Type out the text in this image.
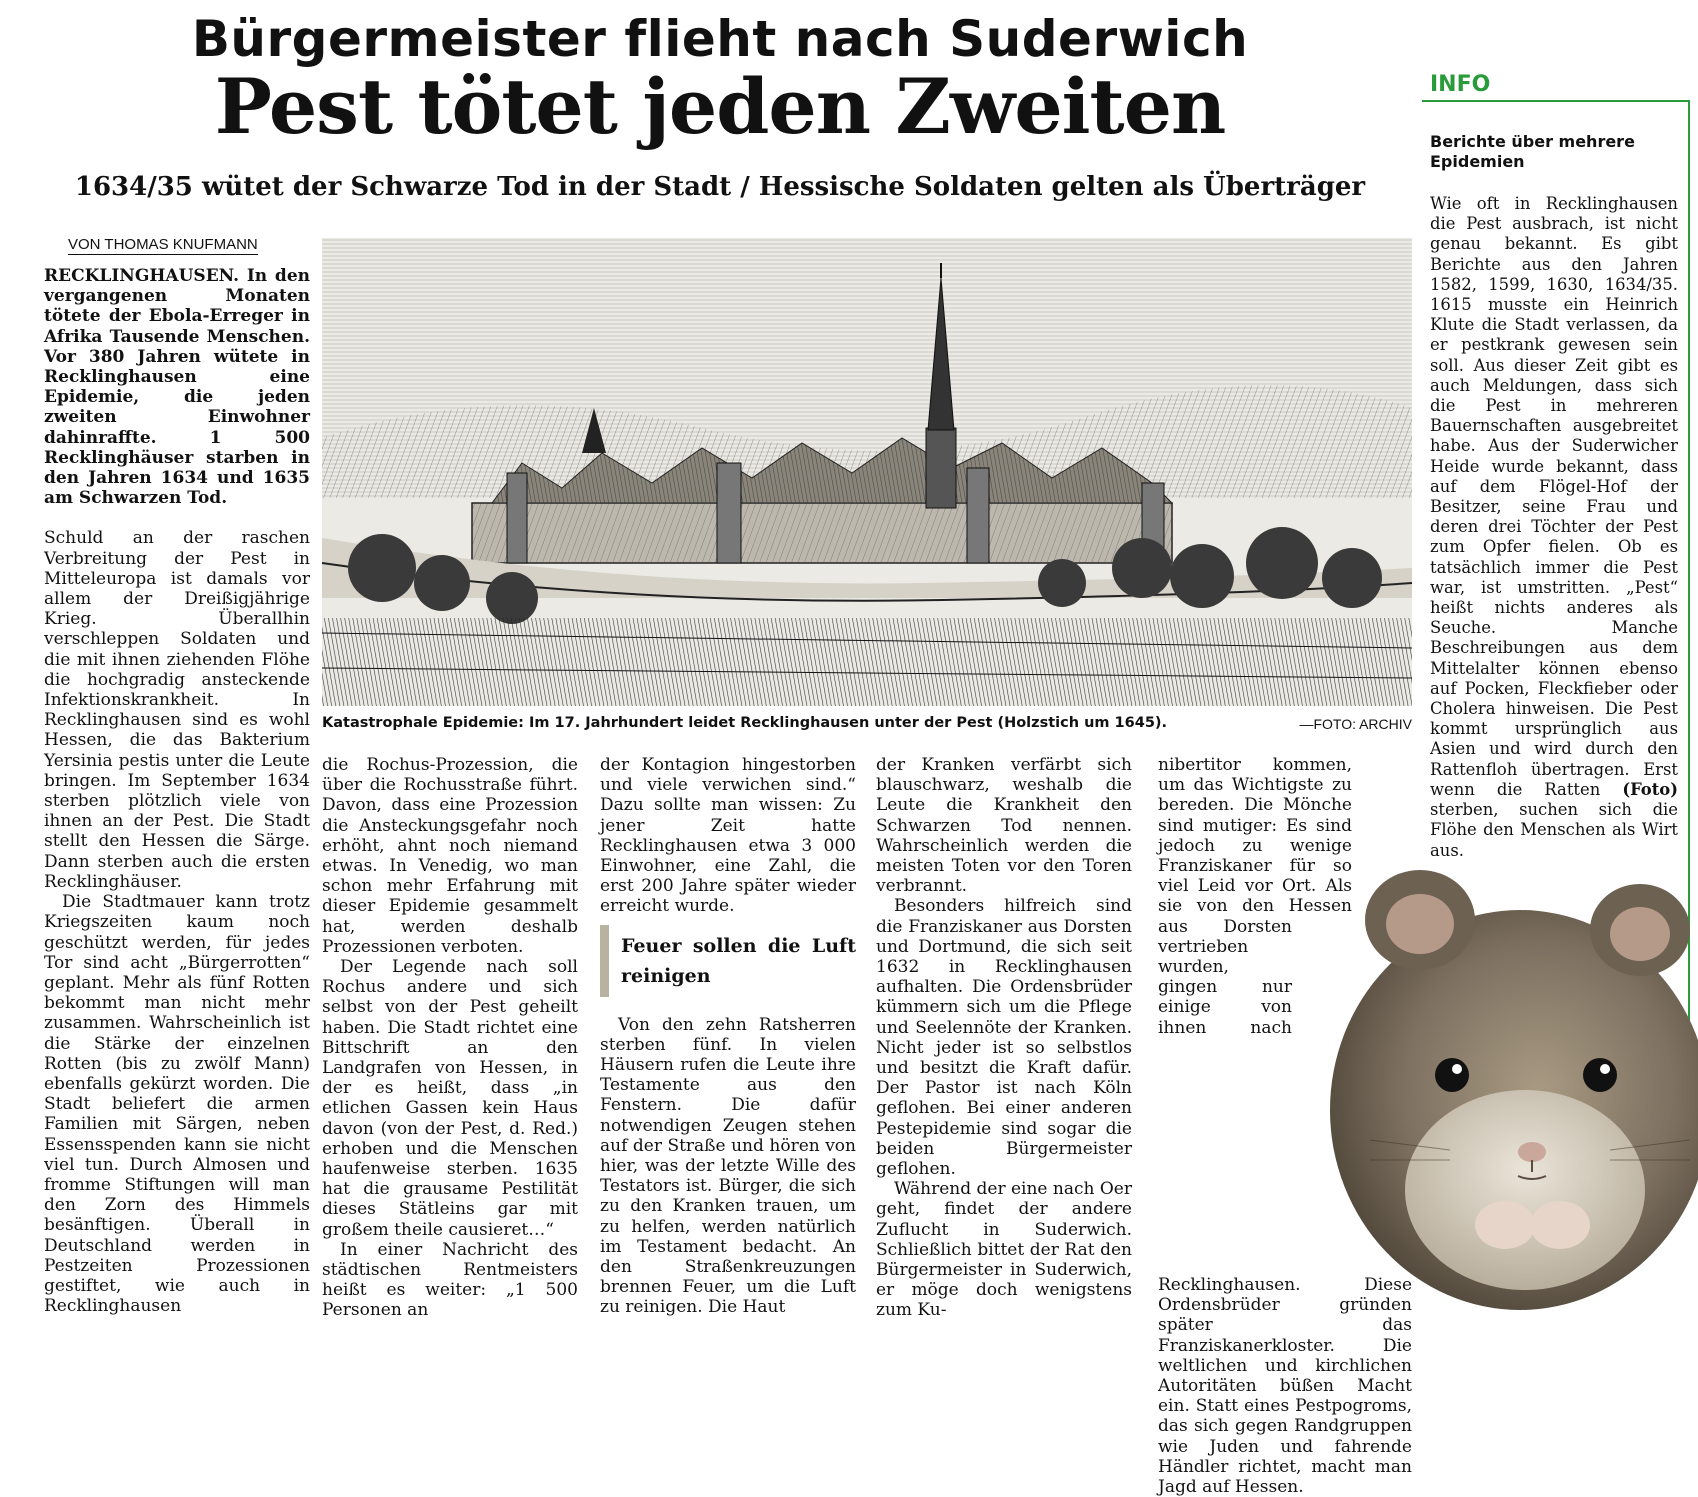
Bürgermeister flieht nach Suderwich
Pest tötet jeden Zweiten
1634/35 wütet der Schwarze Tod in der Stadt / Hessische Soldaten gelten als Überträger
VON THOMAS KNUFMANN

RECKLINGHAUSEN. In den vergangenen Monaten tötete der Ebola-Erreger in Afrika Tausende Menschen. Vor 380 Jahren wütete in Recklinghausen eine Epidemie, die jeden zweiten Einwohner dahinraffte. 1 500 Recklinghäuser starben in den Jahren 1634 und 1635 am Schwarzen Tod.

Schuld an der raschen Verbreitung der Pest in Mitteleuropa ist damals vor allem der Dreißigjährige Krieg. Überallhin verschleppen Soldaten und die mit ihnen ziehenden Flöhe die hochgradig ansteckende Infektionskrankheit. In Recklinghausen sind es wohl Hessen, die das Bakterium Yersinia pestis unter die Leute bringen. Im September 1634 sterben plötzlich viele von ihnen an der Pest. Die Stadt stellt den Hessen die Särge. Dann sterben auch die ersten Recklinghäuser.

Die Stadtmauer kann trotz Kriegszeiten kaum noch geschützt werden, für jedes Tor sind acht „Bürgerrotten“ geplant. Mehr als fünf Rotten bekommt man nicht mehr zusammen. Wahrscheinlich ist die Stärke der einzelnen Rotten (bis zu zwölf Mann) ebenfalls gekürzt worden. Die Stadt beliefert die armen Familien mit Särgen, neben Essensspenden kann sie nicht viel tun. Durch Almosen und fromme Stiftungen will man den Zorn des Himmels besänftigen. Überall in Deutschland werden in Pestzeiten Prozessionen gestiftet, wie auch in Recklinghausen

Katastrophale Epidemie: Im 17. Jahrhundert leidet Recklinghausen unter der Pest (Holzstich um 1645).	—FOTO: ARCHIV

die Rochus-Prozession, die über die Rochusstraße führt. Davon, dass eine Prozession die Ansteckungsgefahr noch erhöht, ahnt noch niemand etwas. In Venedig, wo man schon mehr Erfahrung mit dieser Epidemie gesammelt hat, werden deshalb Prozessionen verboten.

Der Legende nach soll Rochus andere und sich selbst von der Pest geheilt haben. Die Stadt richtet eine Bittschrift an den Landgrafen von Hessen, in der es heißt, dass „in etlichen Gassen kein Haus davon (von der Pest, d. Red.) erhoben und die Menschen haufenweise sterben. 1635 hat die grausame Pestilität dieses Stätleins gar mit großem theile causieret…“

In einer Nachricht des städtischen Rentmeisters heißt es weiter: „1 500 Personen an

der Kontagion hingestorben und viele verwichen sind.“ Dazu sollte man wissen: Zu jener Zeit hatte Recklinghausen etwa 3 000 Einwohner, eine Zahl, die erst 200 Jahre später wieder erreicht wurde.

Feuer sollen die Luft reinigen

Von den zehn Ratsherren sterben fünf. In vielen Häusern rufen die Leute ihre Testamente aus den Fenstern. Die dafür notwendigen Zeugen stehen auf der Straße und hören von hier, was der letzte Wille des Testators ist. Bürger, die sich zu den Kranken trauen, um zu helfen, werden natürlich im Testament bedacht. An den Straßenkreuzungen brennen Feuer, um die Luft zu reinigen. Die Haut

der Kranken verfärbt sich blauschwarz, weshalb die Leute die Krankheit den Schwarzen Tod nennen. Wahrscheinlich werden die meisten Toten vor den Toren verbrannt.

Besonders hilfreich sind die Franziskaner aus Dorsten und Dortmund, die sich seit 1632 in Recklinghausen aufhalten. Die Ordensbrüder kümmern sich um die Pflege und Seelennöte der Kranken. Nicht jeder ist so selbstlos und besitzt die Kraft dafür. Der Pastor ist nach Köln geflohen. Bei einer anderen Pestepidemie sind sogar die beiden Bürgermeister geflohen.

Während der eine nach Oer geht, findet der andere Zuflucht in Suderwich. Schließlich bittet der Rat den Bürgermeister in Suderwich, er möge doch wenigstens zum Ku-

nibertitor kommen, um das Wichtigste zu bereden. Die Mönche sind mutiger: Es sind jedoch zu wenige Franziskaner für so viel Leid vor Ort. Als sie von den Hessen aus Dorsten vertrieben wurden, gingen nur einige von ihnen nach Recklinghausen. Diese Ordensbrüder gründen später das Franziskanerkloster. Die weltlichen und kirchlichen Autoritäten büßen Macht ein. Statt eines Pestpogroms, das sich gegen Randgruppen wie Juden und fahrende Händler richtet, macht man Jagd auf Hessen.

INFO
Berichte über mehrere Epidemien
Wie oft in Recklinghausen die Pest ausbrach, ist nicht genau bekannt. Es gibt Berichte aus den Jahren 1582, 1599, 1630, 1634/35. 1615 musste ein Heinrich Klute die Stadt verlassen, da er pestkrank gewesen sein soll. Aus dieser Zeit gibt es auch Meldungen, dass sich die Pest in mehreren Bauernschaften ausgebreitet habe. Aus der Suderwicher Heide wurde bekannt, dass auf dem Flögel-Hof der Besitzer, seine Frau und deren drei Töchter der Pest zum Opfer fielen. Ob es tatsächlich immer die Pest war, ist umstritten. „Pest“ heißt nichts anderes als Seuche. Manche Beschreibungen aus dem Mittelalter können ebenso auf Pocken, Fleckfieber oder Cholera hinweisen. Die Pest kommt ursprünglich aus Asien und wird durch den Rattenfloh übertragen. Erst wenn die Ratten (Foto) sterben, suchen sich die Flöhe den Menschen als Wirt aus.
